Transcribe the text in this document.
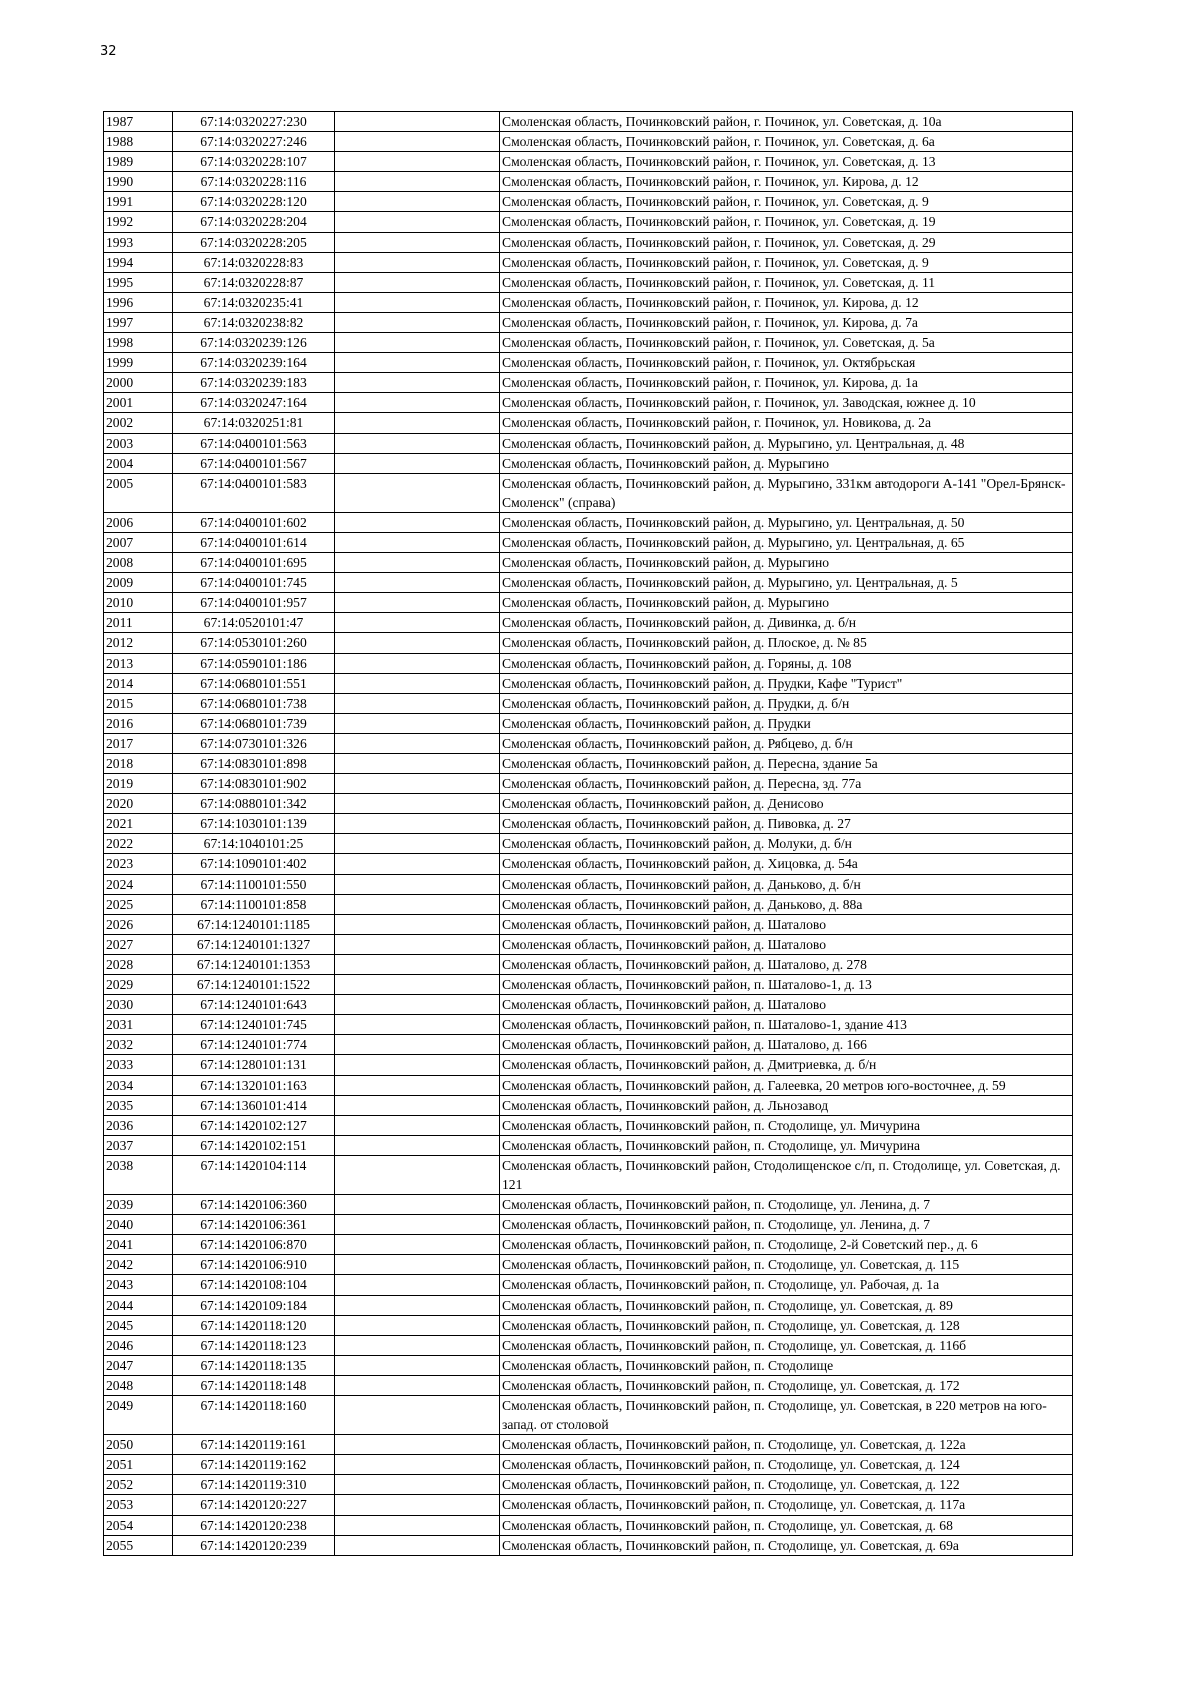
32
1987	67:14:0320227:230		Смоленская область, Починковский район, г. Починок, ул. Советская, д. 10а
1988	67:14:0320227:246		Смоленская область, Починковский район, г. Починок, ул. Советская, д. 6а
1989	67:14:0320228:107		Смоленская область, Починковский район, г. Починок, ул. Советская, д. 13
1990	67:14:0320228:116		Смоленская область, Починковский район, г. Починок, ул. Кирова, д. 12
1991	67:14:0320228:120		Смоленская область, Починковский район, г. Починок, ул. Советская, д. 9
1992	67:14:0320228:204		Смоленская область, Починковский район, г. Починок, ул. Советская, д. 19
1993	67:14:0320228:205		Смоленская область, Починковский район, г. Починок, ул. Советская, д. 29
1994	67:14:0320228:83		Смоленская область, Починковский район, г. Починок, ул. Советская, д. 9
1995	67:14:0320228:87		Смоленская область, Починковский район, г. Починок, ул. Советская, д. 11
1996	67:14:0320235:41		Смоленская область, Починковский район, г. Починок, ул. Кирова, д. 12
1997	67:14:0320238:82		Смоленская область, Починковский район, г. Починок, ул. Кирова, д. 7а
1998	67:14:0320239:126		Смоленская область, Починковский район, г. Починок, ул. Советская, д. 5а
1999	67:14:0320239:164		Смоленская область, Починковский район, г. Починок, ул. Октябрьская
2000	67:14:0320239:183		Смоленская область, Починковский район, г. Починок, ул. Кирова, д. 1а
2001	67:14:0320247:164		Смоленская область, Починковский район, г. Починок, ул. Заводская, южнее д. 10
2002	67:14:0320251:81		Смоленская область, Починковский район, г. Починок, ул. Новикова, д. 2а
2003	67:14:0400101:563		Смоленская область, Починковский район, д. Мурыгино, ул. Центральная, д. 48
2004	67:14:0400101:567		Смоленская область, Починковский район, д. Мурыгино
2005	67:14:0400101:583		Смоленская область, Починковский район, д. Мурыгино, 331км автодороги А-141 "Орел-Брянск-Смоленск" (справа)
2006	67:14:0400101:602		Смоленская область, Починковский район, д. Мурыгино, ул. Центральная, д. 50
2007	67:14:0400101:614		Смоленская область, Починковский район, д. Мурыгино, ул. Центральная, д. 65
2008	67:14:0400101:695		Смоленская область, Починковский район, д. Мурыгино
2009	67:14:0400101:745		Смоленская область, Починковский район, д. Мурыгино, ул. Центральная, д. 5
2010	67:14:0400101:957		Смоленская область, Починковский район, д. Мурыгино
2011	67:14:0520101:47		Смоленская область, Починковский район, д. Дивинка, д. б/н
2012	67:14:0530101:260		Смоленская область, Починковский район, д. Плоское, д. № 85
2013	67:14:0590101:186		Смоленская область, Починковский район, д. Горяны, д. 108
2014	67:14:0680101:551		Смоленская область, Починковский район, д. Прудки, Кафе "Турист"
2015	67:14:0680101:738		Смоленская область, Починковский район, д. Прудки, д. б/н
2016	67:14:0680101:739		Смоленская область, Починковский район, д. Прудки
2017	67:14:0730101:326		Смоленская область, Починковский район, д. Рябцево, д. б/н
2018	67:14:0830101:898		Смоленская область, Починковский район, д. Пересна, здание 5а
2019	67:14:0830101:902		Смоленская область, Починковский район, д. Пересна, зд. 77а
2020	67:14:0880101:342		Смоленская область, Починковский район, д. Денисово
2021	67:14:1030101:139		Смоленская область, Починковский район, д. Пивовка, д. 27
2022	67:14:1040101:25		Смоленская область, Починковский район, д. Молуки, д. б/н
2023	67:14:1090101:402		Смоленская область, Починковский район, д. Хицовка, д. 54а
2024	67:14:1100101:550		Смоленская область, Починковский район, д. Даньково, д. б/н
2025	67:14:1100101:858		Смоленская область, Починковский район, д. Даньково, д. 88а
2026	67:14:1240101:1185		Смоленская область, Починковский район, д. Шаталово
2027	67:14:1240101:1327		Смоленская область, Починковский район, д. Шаталово
2028	67:14:1240101:1353		Смоленская область, Починковский район, д. Шаталово, д. 278
2029	67:14:1240101:1522		Смоленская область, Починковский район, п. Шаталово-1, д. 13
2030	67:14:1240101:643		Смоленская область, Починковский район, д. Шаталово
2031	67:14:1240101:745		Смоленская область, Починковский район, п. Шаталово-1, здание 413
2032	67:14:1240101:774		Смоленская область, Починковский район, д. Шаталово, д. 166
2033	67:14:1280101:131		Смоленская область, Починковский район, д. Дмитриевка, д. б/н
2034	67:14:1320101:163		Смоленская область, Починковский район, д. Галеевка, 20 метров юго-восточнее, д. 59
2035	67:14:1360101:414		Смоленская область, Починковский район, д. Льнозавод
2036	67:14:1420102:127		Смоленская область, Починковский район, п. Стодолище, ул. Мичурина
2037	67:14:1420102:151		Смоленская область, Починковский район, п. Стодолище, ул. Мичурина
2038	67:14:1420104:114		Смоленская область, Починковский район, Стодолищенское с/п, п. Стодолище, ул. Советская, д. 121
2039	67:14:1420106:360		Смоленская область, Починковский район, п. Стодолище, ул. Ленина, д. 7
2040	67:14:1420106:361		Смоленская область, Починковский район, п. Стодолище, ул. Ленина, д. 7
2041	67:14:1420106:870		Смоленская область, Починковский район, п. Стодолище, 2-й Советский пер., д. 6
2042	67:14:1420106:910		Смоленская область, Починковский район, п. Стодолище, ул. Советская, д. 115
2043	67:14:1420108:104		Смоленская область, Починковский район, п. Стодолище, ул. Рабочая, д. 1а
2044	67:14:1420109:184		Смоленская область, Починковский район, п. Стодолище, ул. Советская, д. 89
2045	67:14:1420118:120		Смоленская область, Починковский район, п. Стодолище, ул. Советская, д. 128
2046	67:14:1420118:123		Смоленская область, Починковский район, п. Стодолище, ул. Советская, д. 116б
2047	67:14:1420118:135		Смоленская область, Починковский район, п. Стодолище
2048	67:14:1420118:148		Смоленская область, Починковский район, п. Стодолище, ул. Советская, д. 172
2049	67:14:1420118:160		Смоленская область, Починковский район, п. Стодолище, ул. Советская, в 220 метров на юго-запад. от столовой
2050	67:14:1420119:161		Смоленская область, Починковский район, п. Стодолище, ул. Советская, д. 122а
2051	67:14:1420119:162		Смоленская область, Починковский район, п. Стодолище, ул. Советская, д. 124
2052	67:14:1420119:310		Смоленская область, Починковский район, п. Стодолище, ул. Советская, д. 122
2053	67:14:1420120:227		Смоленская область, Починковский район, п. Стодолище, ул. Советская, д. 117а
2054	67:14:1420120:238		Смоленская область, Починковский район, п. Стодолище, ул. Советская, д. 68
2055	67:14:1420120:239		Смоленская область, Починковский район, п. Стодолище, ул. Советская, д. 69а
